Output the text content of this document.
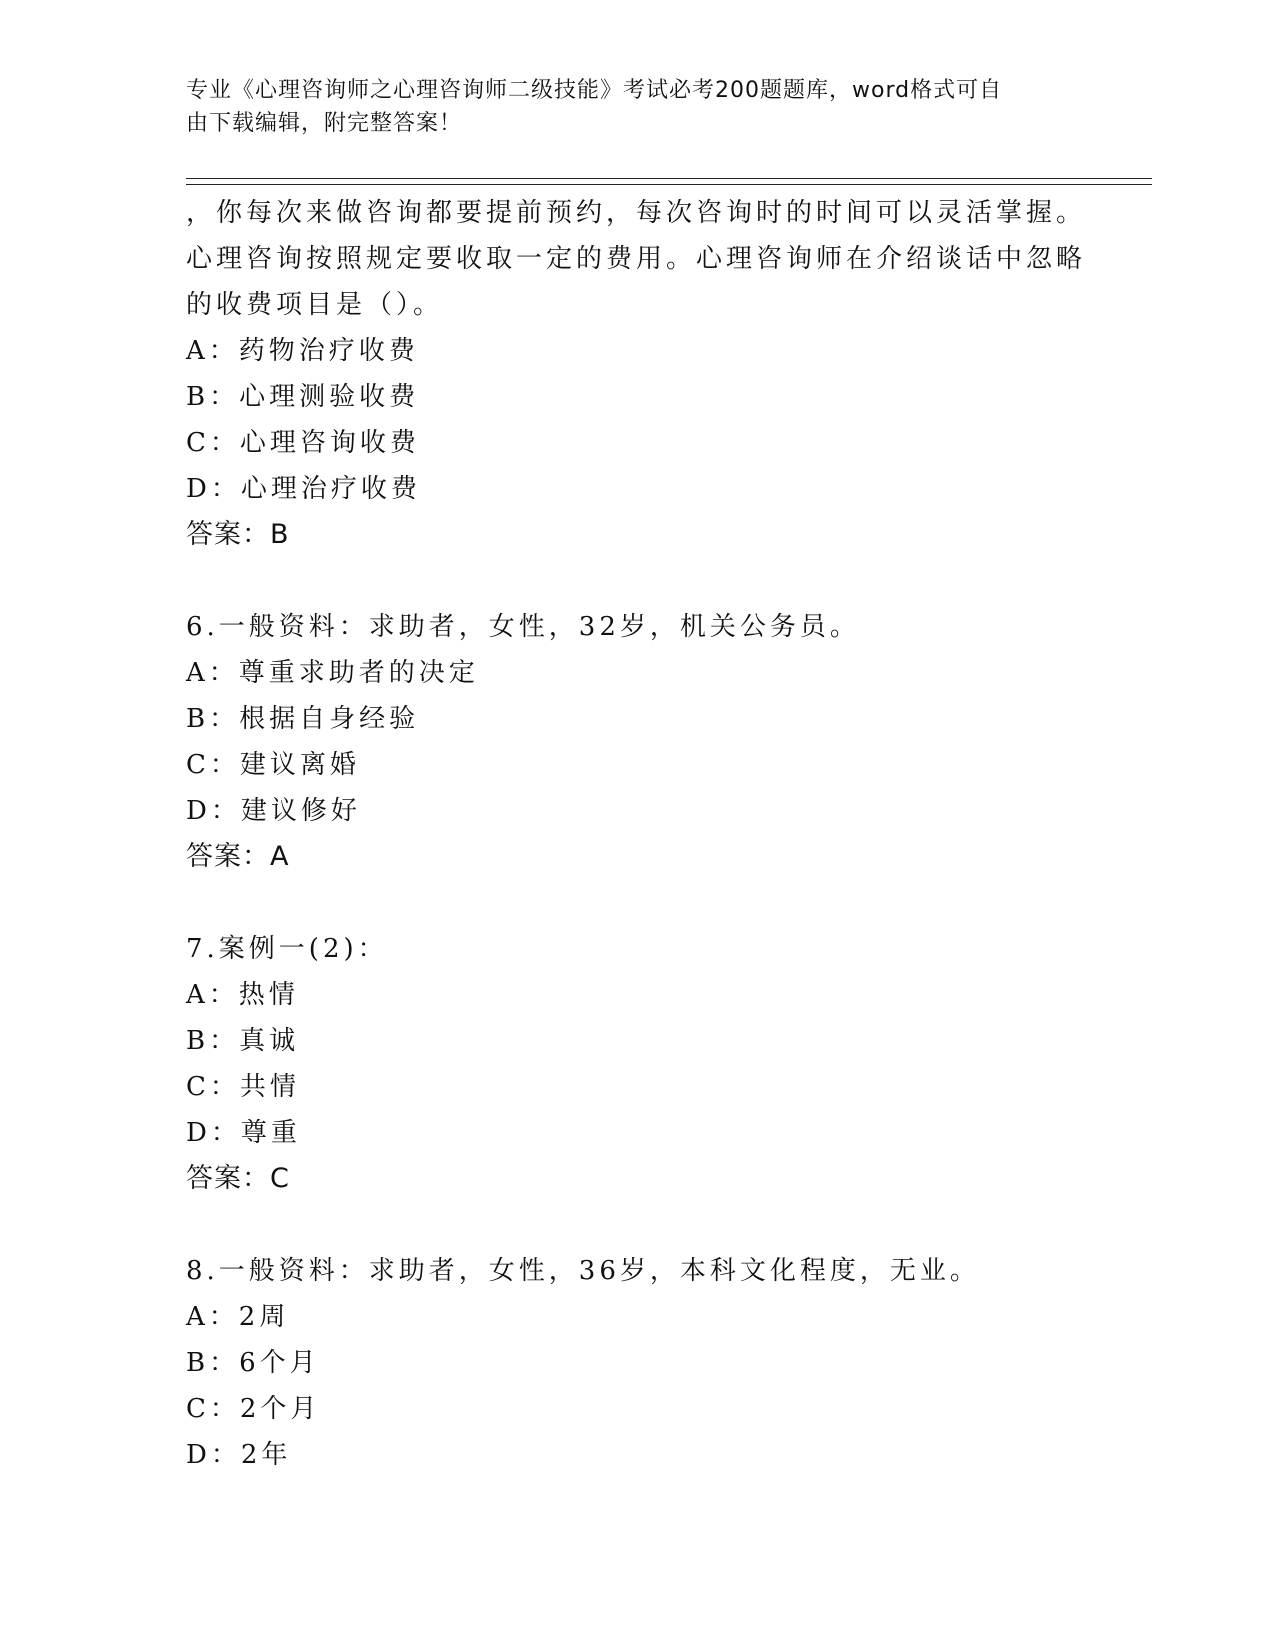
专业《心理咨询师之心理咨询师二级技能》考试必考200题题库，word格式可自
由下载编辑，附完整答案！
，你每次来做咨询都要提前预约，每次咨询时的时间可以灵活掌握。
心理咨询按照规定要收取一定的费用。心理咨询师在介绍谈话中忽略
的收费项目是（）。
A：药物治疗收费
B：心理测验收费
C：心理咨询收费
D：心理治疗收费
答案：B
6.一般资料：求助者，女性，32岁，机关公务员。
A：尊重求助者的决定
B：根据自身经验
C：建议离婚
D：建议修好
答案：A
7.案例一(2)：
A：热情
B：真诚
C：共情
D：尊重
答案：C
8.一般资料：求助者，女性，36岁，本科文化程度，无业。
A：2周
B：6个月
C：2个月
D：2年
